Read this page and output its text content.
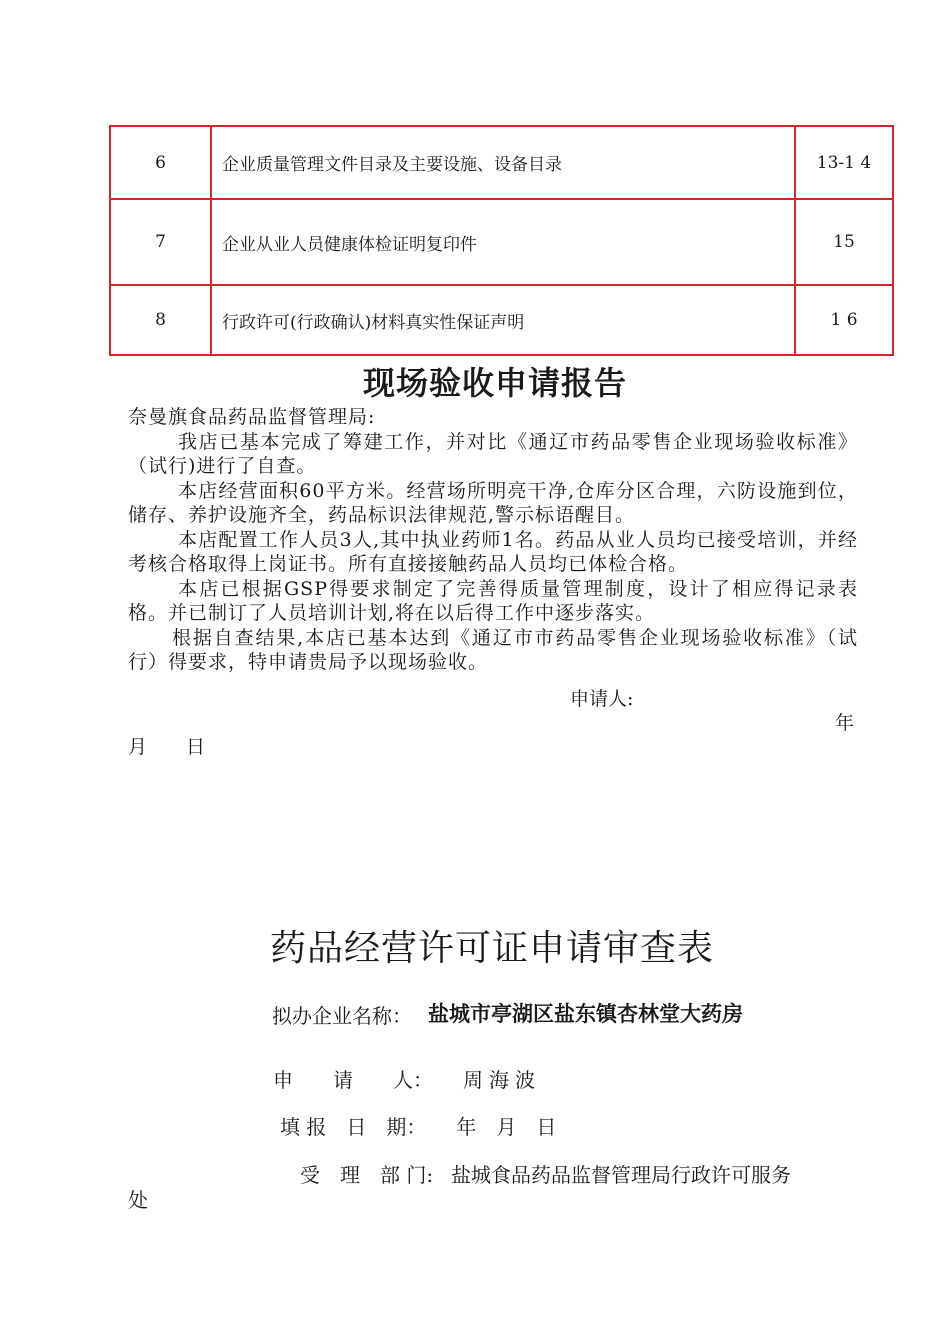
6	企业质量管理文件目录及主要设施、设备目录	13-1 4
7	企业从业人员健康体检证明复印件	15
8	行政许可(行政确认)材料真实性保证声明	1 6
现场验收申请报告

奈曼旗食品药品监督管理局:

我店已基本完成了筹建工作，并对比《通辽市药品零售企业现场验收标准》（试行)进行了自查。

本店经营面积60平方米。经营场所明亮干净,仓库分区合理，六防设施到位，储存、养护设施齐全，药品标识法律规范,警示标语醒目。

本店配置工作人员3人,其中执业药师1名。药品从业人员均已接受培训，并经考核合格取得上岗证书。所有直接接触药品人员均已体检合格。

本店已根据GSP得要求制定了完善得质量管理制度，设计了相应得记录表格。并已制订了人员培训计划,将在以后得工作中逐步落实。

根据自查结果,本店已基本达到《通辽市市药品零售企业现场验收标准》（试行）得要求，特申请贵局予以现场验收。

申请人:
年
月 日
药品经营许可证申请审查表
拟办企业名称： 盐城市亭湖区盐东镇杏林堂大药房
申　　请　　人： 周海波
填 报　日　期：　　年　月　日
受　理　部 门: 盐城食品药品监督管理局行政许可服务
处
